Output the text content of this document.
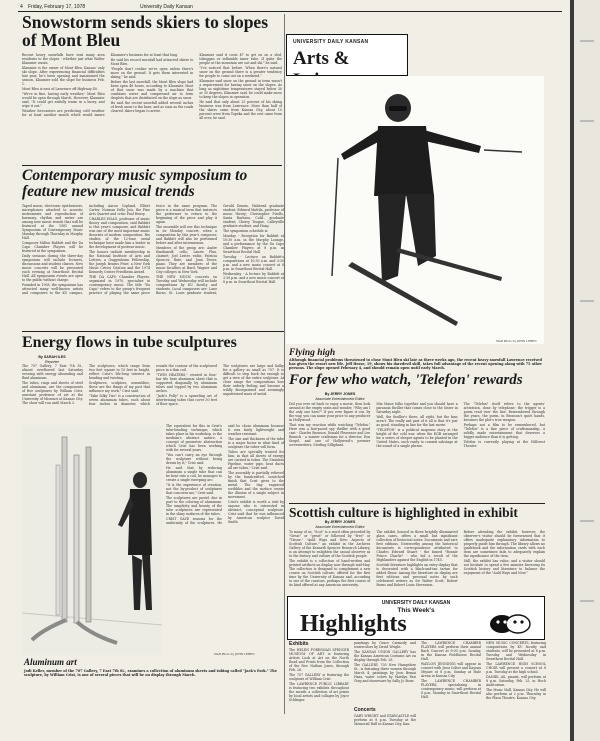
4 Friday, February 17, 1978	University Daily Kansan
Snowstorm sends skiers to slopes of Mont Bleu

Recent heavy snowfalls have sent many area residents to the slopes - whether just what Walter Klaumier wants.

Klaumier is the owner of Mont Bleu, Kansas' only ski slope. After experiencing financial difficulties last year, he's been opening and maintained the season, Klaumier sold the slope for business Feb. 1.

Mont Bleu is east of Lawrence off Highway 40.

"We're in fine, having early weather," Mont Bleu would be open through March. However, Klaumier said, "It could get awfully warm in a hurry, and wipe it out."

Weather forecasters are predicting cold weather for at least another month which would insure Klaumier's business for at least that long.

He said his record snowfall had attracted skiers to Mont Bleu.

"People don't realize we're open unless there's snow on the ground. It gets them interested in skiing," he said.

Before the last snowfall, the Mont Bleu slope had been open 48 hours, according to Klaumier. Most of that snow was made by a machine that combines water and compressed air to form droplets that are distributed on the slope as snow.

He said the recent snowfall added several inches of fresh snow to the base, and as soon as the roads cleared, skiers began to arrive.

Klaumier said it costs $7 to get on on a sled, toboggan or inflatable inner tube. If quite the people at the mountain are out and ski," he said.

"I've noticed that before. When there's natural snow on the ground there is a greater tendency for people to come out on a weekend."

Klaumier said snow on the ground in town wasn't a requirement for having snow on the slopes. As long as nighttime temperatures stayed below 30 or 35 degrees, Klaumier said, he could make snow to keep the slopes in operation.

He said that only about 25 percent of his skiing business was from Lawrence. More than half of the skiers came from Kansas City, about 10 percent were from Topeka and the rest came from all over, he said.

Contemporary music symposium to feature new musical trends

Taped music, electronic synthesizers, microphones attached to acoustic instruments and reproduction of harmony, rhythm and meter are among new music trends that will be featured at the 1981 annual Symposium of Contemporary Music Monday through Thursday in Murphy Hall.

Composer Milton Babbitt and the Da Capo Chamber Players will be featured at the symposium.

Daily sessions during the three-day symposium will include lectures, discussions and student classes. New music concerts will be presented each evening at Swarthout Recital Hall. All symposium events are open to the public without charge.

Founded in 1958, the symposium has attracted many well-known artists and composers to the KU campus, including Aaron Copland, Elliott Carter, Norman Dello Joio, the Fine Arts Quartet and critic Paul Henry.

CHARLES HOAG, professor of music theory and composition, said Babbitt is this year's composer, and Babbitt was one of the most important music theorists of modern composition. His studies of the 12-tone serial technique have made him a leader in the development of postwar music.

The honors include membership in the National Institute of Arts and Letters, a Guggenheim Fellowship, the Joseph Bearns Prize, a New York Music Critics Citation and the 1974 Kennedy Center Friedheim Award.

THE DA CAPO Chamber Players, organized in 1970, specialize in contemporary music. The title "Da Capo" refers to the group's frequent practice of playing the same piece twice in the same program. The piece is a musical term that instructs the performer to return to the beginning of the piece and play it again.

The ensemble will use this technique in its Monday concert, when a composition by this year's composer, and Babbitt will also be performed before and after intermission.

Members of the group are: Andre Emelianoff, cello; Laurie Flax, clarinet; Joel Lester, violin; Patricia Spencer, flute; and Joan Tower, piano. They are members of the music faculties at Bard, Wagner and City colleges in New York.

THE NEW MUSIC concerts on Tuesday and Wednesday will include compositions by KU faculty and students. Local composers are: Lane Burns, St. Louis graduate student; Gerald Dennis, Halstead graduate student; Edward Mattila, professor of music theory; Christopher Pirollo, Santa Barbara, Calif., graduate student; Cherry Teague, Calleyville graduate student; and Hoag.

The symposium schedule is:

Monday - Reception for Babbitt at 10:30 a.m. in the Murphy Lounge, and a performance by the Da Capo Chamber Players at 8 p.m. in Swarthout Recital Hall.

Tuesday - Lecture on Babbitt's compositions at 10:30 a.m. and 3:30 p.m. and a new music concert at 8 p.m. in Swarthout Recital Hall.

Wednesday - A lecture by Babbitt at 3:30 p.m. and a new music concert at 8 p.m. in Swarthout Recital Hall.

Energy flows in tube sculptures
By SARAH ILES
Reporter

The 707 Gallery, 7 East 7th St., almost overflowed last Saturday evening with energy abounding and fluid aluminum.

The tubes, rings and sheets of steel and aluminum, are the components of five sculptures by William Crist, assistant professor of art at the University of Missouri at Kansas City. The show will run until March 3.

The sculptures, which range from two feet square to 10 feet in height, reflect Crist's life-long interest in bending and twisting.

Sculptures, sculptors, assemblies; these are the things of my past that influence my work," Crist said.

"Take Silky Two" is a construction of seven aluminum tubes, each about four inches in diameter, which rounds the contour of the sculptured piece in a thin coil.

"TWIN HEATERS," created in four-bar tile heat aluminum sheet that is supported diagonally by aluminum tubes and topped by two aluminum arches.

"Jack's Folly" is a sprawling art of intertwining tubes that cover 30 feet of floor space.

The sculptures are large and bulky for a gallery as small as 707. It is difficult to step back far enough to get a view of the entire sculpture. At close range the compositions lose their orderly feeling and become a wildly disorganized and seemingly unpatterned mass of metal.

The equivalent for this in Crist's tube-bending technique, which takes place in his workshop, is the medium's abstract nature, a concept of geometric abstraction which Crist has been working with for several years.

"You can't carry an eye through the sculpture without being drawn by it," Crist said.

He said that by reducing aluminum a single tube that can be bent into a coil, he manages to create a single sweeping arc.

"It is the experience of creation, not the by-product of sculptures that concerns me," Crist said.

The sculptures are pastel, due in part to the coloring of aluminum. The simplicity and beauty of the tube sculptures are represented in the shiny surfaces of the tubes.

CRIST GAVE reasons for the uniformity of the sculptures. He said he chose aluminum because it was fairly lightweight and weather resistant.

The size and thickness of the tube is a major factor in what kind of sculpture the tubes will form.

Tubes are specially treated for him, in that all sheets of energy are carried in tubes. The Stainless Pipeline, water pipe, heat ducts all are tubes," Crist said.

The assembly is partially relieved by the handcrafted, scratched finish that Crist gives to the metal. The tiny engraved scribbles and the surface create the illusion of a single subject in movement.

Crist's exhibit is worth a visit by anyone who is interested in abstract, conceptual sculpture. Crist said that he was influenced by American sculptor David Smith.

Aluminum art
Jodi Keller, member of the 707 Gallery, 7 East 7th St., examines a collection of aluminum sheets and tubing called "Jack's Fork." The sculpture, by William Crist, is one of several pieces that will be on display through March.
Staff Photo by JOHN LEBEN
UNIVERSITY DAILY KANSAN
Arts &
Staff Photo by JOHN LEBEN
Flying high
Although financial problems threatened to close Mont Bleu ski late as three weeks ago, the recent heavy snowfall Lawrence received has given the resort new life. Jeff Hesse, 19, shows his daredevil skill, takes full advantage of the recent opening along with 75 other persons. The slope opened February 4, and should remain open until early March.
For few who watch, 'Telefon' rewards
By JERRY JONES
Associate Entertainment Editor

Did you ever sit back to enjoy a movie, then look around at the empty seats and wonder, "Why am I the only one here?" If you ever figure it out, by the way, you can name your price to any producer in Hollywood.

That was my reaction while watching "Telefon." Here was a fast-paced spy thriller with a good cast - Charles Bronson, Donald Pleasence and Lee Remick - a master craftsman for a director, Don Siegel, and one of Hollywood's premier screenwriters, Sterling Silliphant.

Mia Maise folks together and you should have a paranoia thriller that comes close to the Sister in Saturday night.

Well, the thriller's there, all right, but the fans aren't. The really sad part of it all is that it's just as good, standing in line for the last movie.

"TELEFON" is a political suspense story at the height of the cold war, when the KGB arranged for a series of sleeper agents to be planted in the United States, each ready to commit sabotage at the sound of a single phrase.

The "Telefon" itself refers to the agents' activation, done by telephone; the trigger is a poem read over the line. Remembered through the years, the poem, in Bronson's quiet hands, becomes the plot's true weapon.

Perhaps not a film to be remembered, but "Telefon" is a fine piece of craftsmanship, a solidly made entertainment that deserves a bigger audience than it is getting.

Telefon is currently playing at the Hillcrest Theater.

Scottish culture is highlighted in exhibit
By JERRY JONES
Associate Entertainment Editor

To many of us, "Scot" is a word often preceded by "Great" or "great" or followed by "free" or "Tissue." "Auld Ways and New: Aspects of Scottish Culture," an exhibit in the Archives Gallery of the Kenneth Spencer Research Library, is an attempt to enlighten the casual observer as to the history and culture of the Scottish people.

The exhibit is a collection of hand-written and printed artifacts on display now through mid-May. The collection is designed to complement a new course on Scottish culture, offered for the first time by the University of Kansas and, according to one of the curators, perhaps the first course of its kind offered at any American university.

The exhibit, housed in three brightly illuminated glass cases, offers a small but significant collection of historical notes. Documents and rare first editions. Noteworthy among the historical documents is correspondence attributed to Charles Edward Stuart - the famed "Bonnie Prince Charlie" - who led a revolt of the Highlanders against the English in 1745.

Scottish literature highlights an entry display that is decorated with a black-and-tan tartan for added flavor. Among the literature on display are first editions and personal notes by such celebrated writers as Sir Walter Scott, Robert Burns and Robert Louis Stevenson.

Before attending the exhibit, however, the observer's visitor should be forewarned that it offers inadequate explanatory information to properly guide him through. The library allows no guidebook and the information cards with each item are sometimes fails to adequately explain the significance of the item.

Still, the exhibit has value, and a visitor should not hesitate to spend a few minutes browsing its Scottish history and literature to balance the enjoyment of the "Auld Ways and New."

UNIVERSITY DAILY KANSAN
This Week's
Highlights
Exhibits

The HELEN FORESMAN SPENCER MUSEUM OF ART is featuring Artists Look at Art on the North Road and Prints from the Collection of the Rev. Nathan Jones, through Feb. 26.

The 707 GALLERY is featuring the sculpture of William Crist.

The LAWRENCE PUBLIC LIBRARY is featuring two exhibits throughout the month: a collection of art prints by local artists and collages by Joyce Schlinger.

paintings by Grace Carmody and watercolors by David Wright.

The KANSAS UNION GALLERY has the Kansas American Costume Art on display through Feb. 28.

The GALLERY, 705 New Hampshire St., is featuring three women through March 4; paintings by Jeon Bemai Haas, water colors by Marilyn Fair Gieg and stoneware by Sally Jo Bone.

Concerts

GARY WRIGHT and STARCASTLE will perform at 8 p.m. Tuesday at the Memorial Hall in Kansas City, Kan.

The LAWRENCE CHAMBER PLAYERS will perform their annual Bach Concert at 8:00 p.m. Sunday, in the Kansas Fieldhouse Recital Hall.

WAYLON JENNINGS will appear in concert with Jessi Colter and Kayona Miyaze at 8 p.m. Sunday at Hale Arena in Kansas City.

The LAWRENCE CHAMBER PLAYERS, specializing in contemporary music, will perform at 8 p.m. Monday in Swarthout Recital Hall.

NEW MUSIC CONCERTS, featuring compositions by KU faculty and students, will be presented at 8 p.m. Tuesday and Wednesday in Swarthout Recital Hall.

The LAWRENCE HIGH SCHOOL CHOIR will present a concert at 8 p.m. Tuesday at the high school.

DANIEL AX, pianist, will perform at 8 p.m. Saturday, Feb. 25, in Hoch Auditorium.

The Music Hall, Kansas City. He will also perform at 2 p.m. Thursday in the Plaza Theatre, Kansas City.
